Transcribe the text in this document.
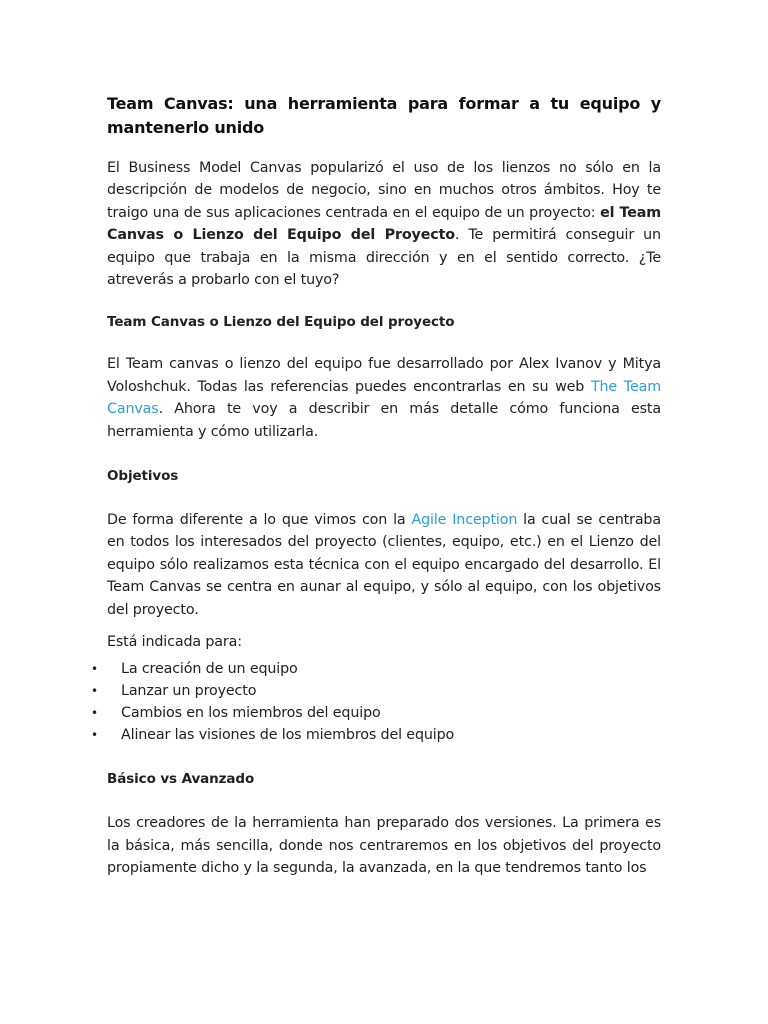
Team Canvas: una herramienta para formar a tu equipo y mantenerlo unido

El Business Model Canvas popularizó el uso de los lienzos no sólo en la descripción de modelos de negocio, sino en muchos otros ámbitos. Hoy te traigo una de sus aplicaciones centrada en el equipo de un proyecto: el Team Canvas o Lienzo del Equipo del Proyecto. Te permitirá conseguir un equipo que trabaja en la misma dirección y en el sentido correcto. ¿Te atreverás a probarlo con el tuyo?

Team Canvas o Lienzo del Equipo del proyecto

El Team canvas o lienzo del equipo fue desarrollado por Alex Ivanov y Mitya Voloshchuk. Todas las referencias puedes encontrarlas en su web The Team Canvas. Ahora te voy a describir en más detalle cómo funciona esta herramienta y cómo utilizarla.

Objetivos

De forma diferente a lo que vimos con la Agile Inception la cual se centraba en todos los interesados del proyecto (clientes, equipo, etc.) en el Lienzo del equipo sólo realizamos esta técnica con el equipo encargado del desarrollo. El Team Canvas se centra en aunar al equipo, y sólo al equipo, con los objetivos del proyecto.

Está indicada para:

• La creación de un equipo
• Lanzar un proyecto
• Cambios en los miembros del equipo
• Alinear las visiones de los miembros del equipo
Básico vs Avanzado

Los creadores de la herramienta han preparado dos versiones. La primera es la básica, más sencilla, donde nos centraremos en los objetivos del proyecto propiamente dicho y la segunda, la avanzada, en la que tendremos tanto los
